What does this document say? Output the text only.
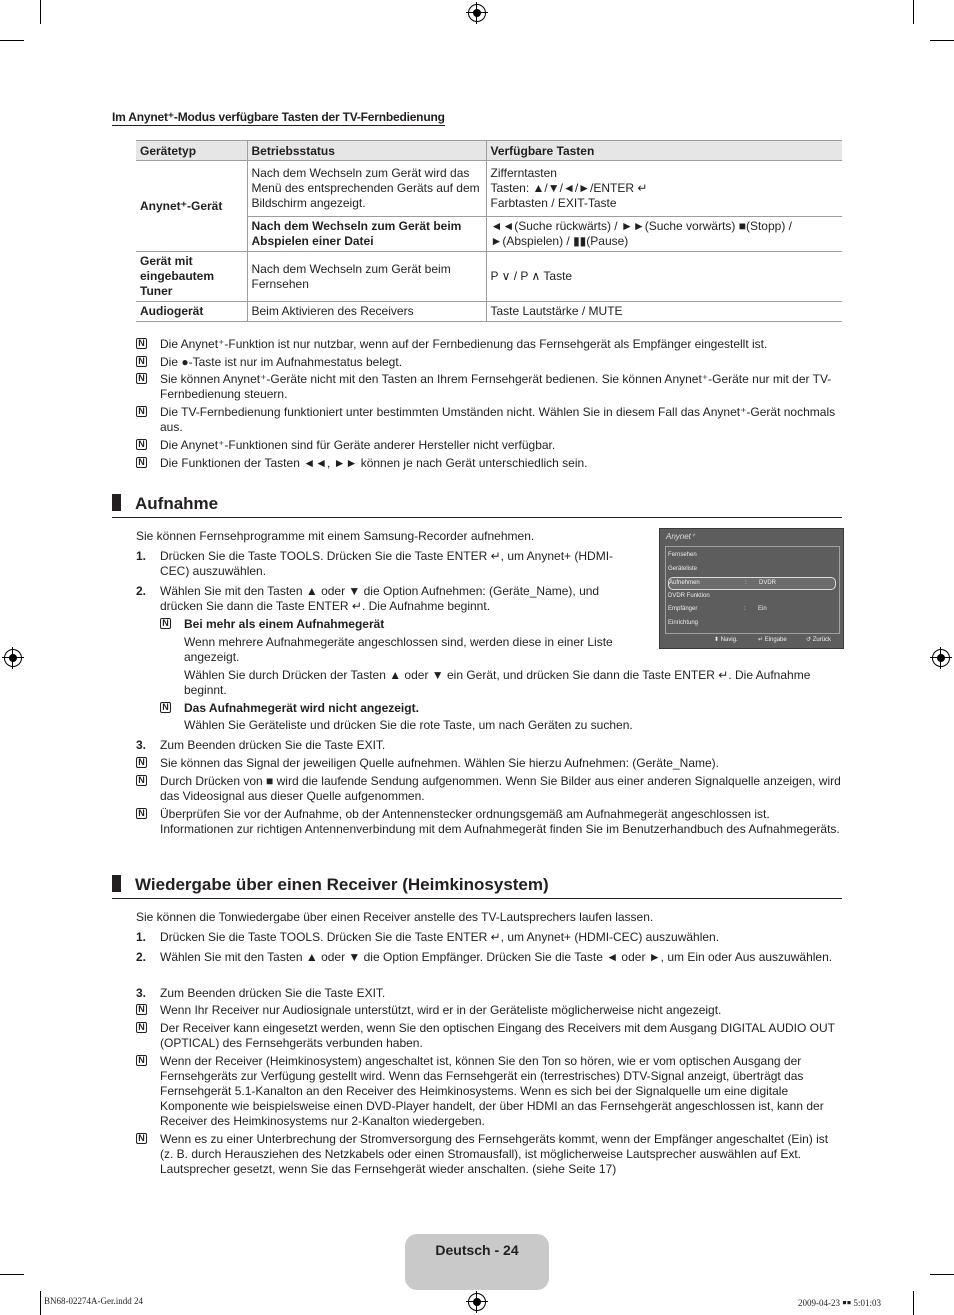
Im Anynet⁺-Modus verfügbare Tasten der TV-Fernbedienung
Gerätetyp	Betriebsstatus	Verfügbare Tasten
Anynet⁺-Gerät	Nach dem Wechseln zum Gerät wird das Menü des entsprechenden Geräts auf dem Bildschirm angezeigt.	Zifferntasten
Tasten: ▲/▼/◄/►/ENTER ↵
Farbtasten / EXIT-Taste

	Nach dem Wechseln zum Gerät beim Abspielen einer Datei	◄◄(Suche rückwärts) / ►►(Suche vorwärts) ■(Stopp) /
►(Abspielen) / ▮▮(Pause)

Gerät mit eingebautem Tuner	Nach dem Wechseln zum Gerät beim Fernsehen	P ∨ / P ∧ Taste
Audiogerät	Beim Aktivieren des Receivers	Taste Lautstärke / MUTE
N Die Anynet⁺-Funktion ist nur nutzbar, wenn auf der Fernbedienung das Fernsehgerät als Empfänger eingestellt ist.
N Die ●-Taste ist nur im Aufnahmestatus belegt.
N Sie können Anynet⁺-Geräte nicht mit den Tasten an Ihrem Fernsehgerät bedienen. Sie können Anynet⁺-Geräte nur mit der TV-Fernbedienung steuern.
N Die TV-Fernbedienung funktioniert unter bestimmten Umständen nicht. Wählen Sie in diesem Fall das Anynet⁺-Gerät nochmals aus.
N Die Anynet⁺-Funktionen sind für Geräte anderer Hersteller nicht verfügbar.
N Die Funktionen der Tasten ◄◄, ►► können je nach Gerät unterschiedlich sein.
Aufnahme
Sie können Fernsehprogramme mit einem Samsung-Recorder aufnehmen.
1. Drücken Sie die Taste TOOLS. Drücken Sie die Taste ENTER ↵, um Anynet+ (HDMI-CEC) auszuwählen.
2. Wählen Sie mit den Tasten ▲ oder ▼ die Option Aufnehmen: (Geräte_Name), und drücken Sie dann die Taste ENTER ↵. Die Aufnahme beginnt.
N Bei mehr als einem Aufnahmegerät
Wenn mehrere Aufnahmegeräte angeschlossen sind, werden diese in einer Liste angezeigt.
Wählen Sie durch Drücken der Tasten ▲ oder ▼ ein Gerät, und drücken Sie dann die Taste ENTER ↵. Die Aufnahme beginnt.
N Das Aufnahmegerät wird nicht angezeigt.
Wählen Sie Geräteliste und drücken Sie die rote Taste, um nach Geräten zu suchen.
3. Zum Beenden drücken Sie die Taste EXIT.
N Sie können das Signal der jeweiligen Quelle aufnehmen. Wählen Sie hierzu Aufnehmen: (Geräte_Name).
N Durch Drücken von ■ wird die laufende Sendung aufgenommen. Wenn Sie Bilder aus einer anderen Signalquelle anzeigen, wird das Videosignal aus dieser Quelle aufgenommen.
N Überprüfen Sie vor der Aufnahme, ob der Antennenstecker ordnungsgemäß am Aufnahmegerät angeschlossen ist. Informationen zur richtigen Antennenverbindung mit dem Aufnahmegerät finden Sie im Benutzerhandbuch des Aufnahmegeräts.
Anynet⁺
Fernsehen
Geräteliste
Aufnehmen	: DVDR
DVDR Funktion
Empfänger	: Ein
Einrichtung
⬍ Navig.	↵ Eingabe	↺ Zurück
Wiedergabe über einen Receiver (Heimkinosystem)
Sie können die Tonwiedergabe über einen Receiver anstelle des TV-Lautsprechers laufen lassen.
1. Drücken Sie die Taste TOOLS. Drücken Sie die Taste ENTER ↵, um Anynet+ (HDMI-CEC) auszuwählen.
2. Wählen Sie mit den Tasten ▲ oder ▼ die Option Empfänger. Drücken Sie die Taste ◄ oder ►, um Ein oder Aus auszuwählen.
3. Zum Beenden drücken Sie die Taste EXIT.
N Wenn Ihr Receiver nur Audiosignale unterstützt, wird er in der Geräteliste möglicherweise nicht angezeigt.
N Der Receiver kann eingesetzt werden, wenn Sie den optischen Eingang des Receivers mit dem Ausgang DIGITAL AUDIO OUT (OPTICAL) des Fernsehgeräts verbunden haben.
N Wenn der Receiver (Heimkinosystem) angeschaltet ist, können Sie den Ton so hören, wie er vom optischen Ausgang der Fernsehgeräts zur Verfügung gestellt wird. Wenn das Fernsehgerät ein (terrestrisches) DTV-Signal anzeigt, überträgt das Fernsehgerät 5.1-Kanalton an den Receiver des Heimkinosystems. Wenn es sich bei der Signalquelle um eine digitale Komponente wie beispielsweise einen DVD-Player handelt, der über HDMI an das Fernsehgerät angeschlossen ist, kann der Receiver des Heimkinosystems nur 2-Kanalton wiedergeben.
N Wenn es zu einer Unterbrechung der Stromversorgung des Fernsehgeräts kommt, wenn der Empfänger angeschaltet (Ein) ist (z. B. durch Herausziehen des Netzkabels oder einen Stromausfall), ist möglicherweise Lautsprecher auswählen auf Ext. Lautsprecher gesetzt, wenn Sie das Fernsehgerät wieder anschalten. (siehe Seite 17)
Deutsch - 24
BN68-02274A-Ger.indd 24	2009-04-23 ￭￭ 5:01:03
